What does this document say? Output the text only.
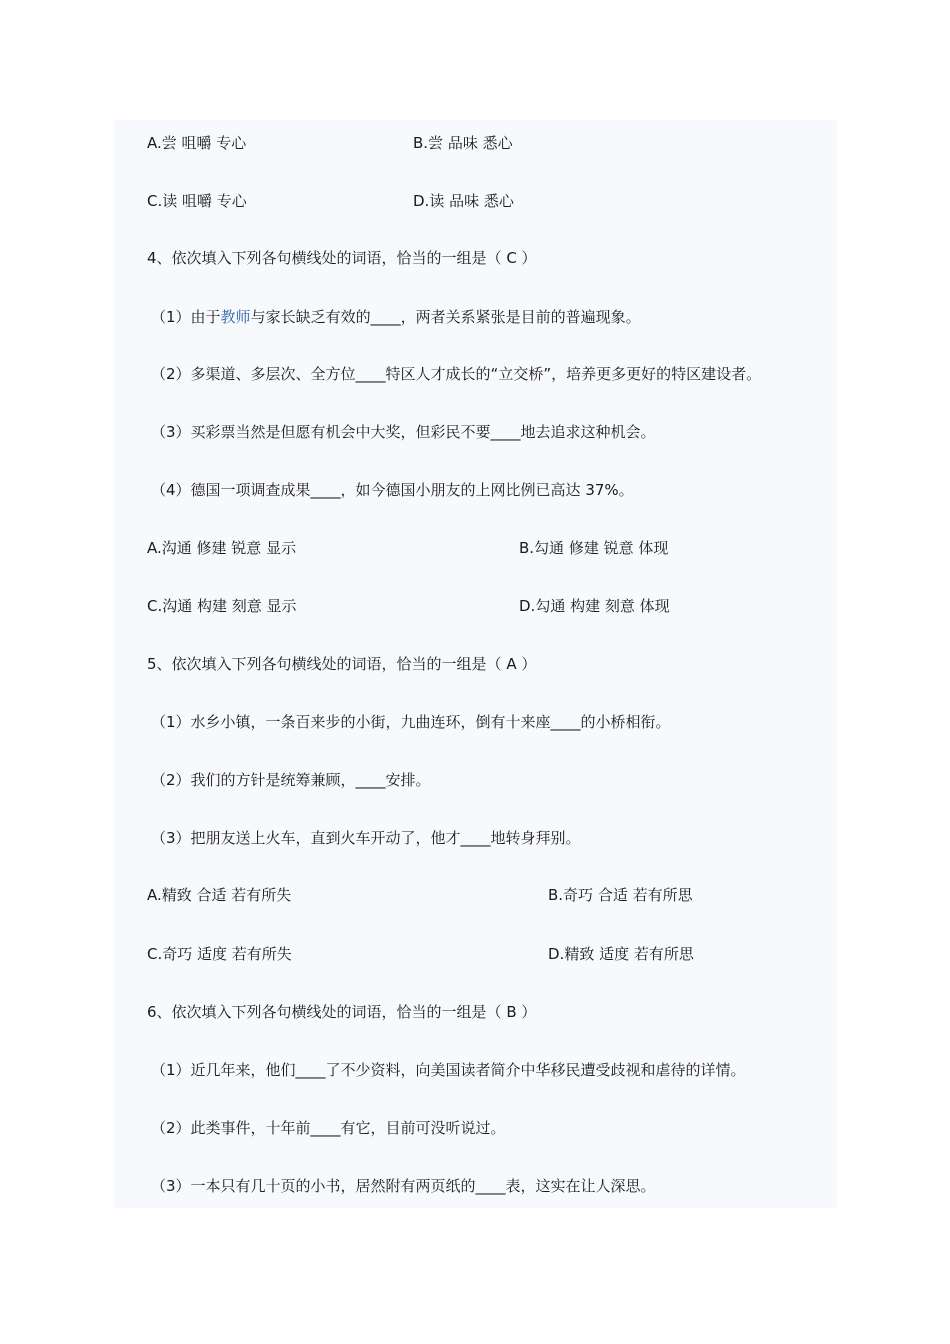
A.尝 咀嚼 专心	B.尝 品味 悉心
C.读 咀嚼 专心	D.读 品味 悉心
4、依次填入下列各句横线处的词语，恰当的一组是（ C ）
（1）由于教师与家长缺乏有效的____，两者关系紧张是目前的普遍现象。
（2）多渠道、多层次、全方位____特区人才成长的“立交桥”，培养更多更好的特区建设者。
（3）买彩票当然是但愿有机会中大奖，但彩民不要____地去追求这种机会。
（4）德国一项调查成果____，如今德国小朋友的上网比例已高达 37%。
A.沟通 修建 锐意 显示	B.勾通 修建 锐意 体现
C.沟通 构建 刻意 显示	D.勾通 构建 刻意 体现
5、依次填入下列各句横线处的词语，恰当的一组是（ A ）
（1）水乡小镇，一条百来步的小街，九曲连环，倒有十来座____的小桥相衔。
（2）我们的方针是统筹兼顾，____安排。
（3）把朋友送上火车，直到火车开动了，他才____地转身拜别。
A.精致 合适 若有所失	B.奇巧 合适 若有所思
C.奇巧 适度 若有所失	D.精致 适度 若有所思
6、依次填入下列各句横线处的词语，恰当的一组是（ B ）
（1）近几年来，他们____了不少资料，向美国读者简介中华移民遭受歧视和虐待的详情。
（2）此类事件，十年前____有它，目前可没听说过。
（3）一本只有几十页的小书，居然附有两页纸的____表，这实在让人深思。
